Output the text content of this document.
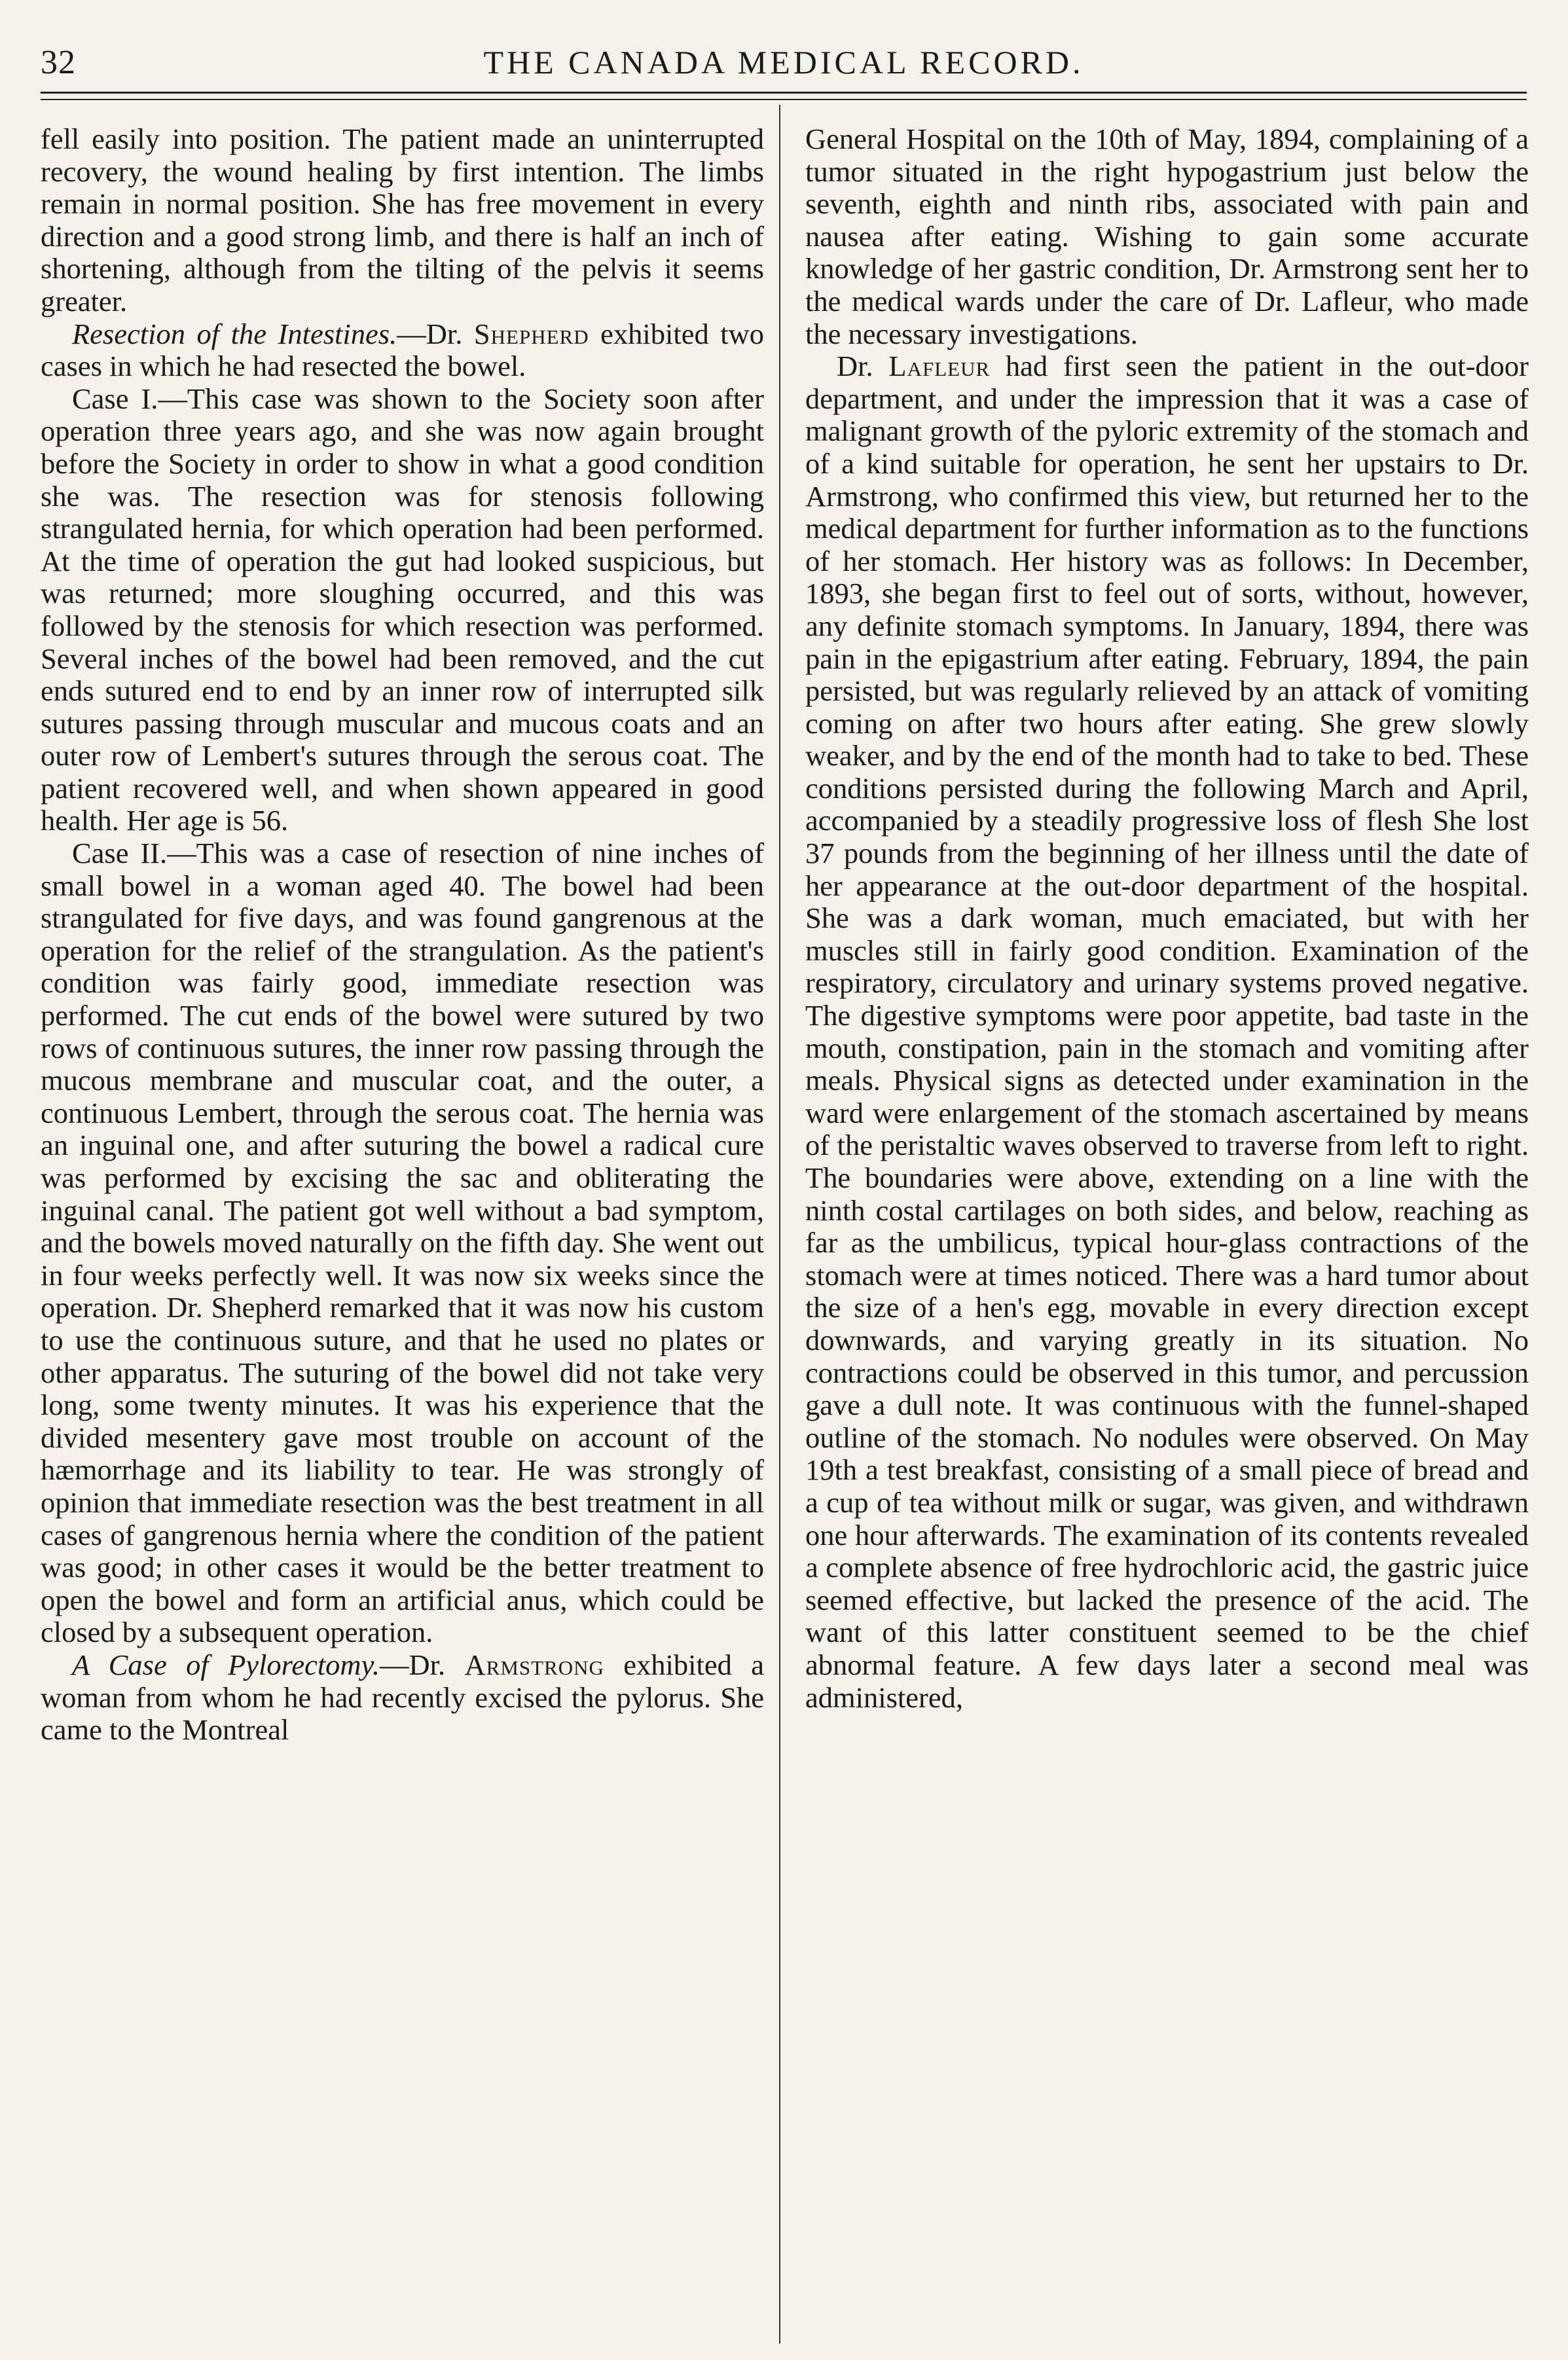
32	THE CANADA MEDICAL RECORD.

fell easily into position. The patient made an uninterrupted recovery, the wound healing by first intention. The limbs remain in normal position. She has free movement in every direction and a good strong limb, and there is half an inch of shortening, although from the tilting of the pelvis it seems greater.

Resection of the Intestines.—Dr. Shepherd exhibited two cases in which he had resected the bowel.

Case I.—This case was shown to the Society soon after operation three years ago, and she was now again brought before the Society in order to show in what a good condition she was. The resection was for stenosis following strangulated hernia, for which operation had been performed. At the time of operation the gut had looked suspicious, but was returned; more sloughing occurred, and this was followed by the stenosis for which resection was performed. Several inches of the bowel had been removed, and the cut ends sutured end to end by an inner row of interrupted silk sutures passing through muscular and mucous coats and an outer row of Lembert's sutures through the serous coat. The patient recovered well, and when shown appeared in good health. Her age is 56.

Case II.—This was a case of resection of nine inches of small bowel in a woman aged 40. The bowel had been strangulated for five days, and was found gangrenous at the operation for the relief of the strangulation. As the patient's condition was fairly good, immediate resection was performed. The cut ends of the bowel were sutured by two rows of continuous sutures, the inner row passing through the mucous membrane and muscular coat, and the outer, a continuous Lembert, through the serous coat. The hernia was an inguinal one, and after suturing the bowel a radical cure was performed by excising the sac and obliterating the inguinal canal. The patient got well without a bad symptom, and the bowels moved naturally on the fifth day. She went out in four weeks perfectly well. It was now six weeks since the operation. Dr. Shepherd remarked that it was now his custom to use the continuous suture, and that he used no plates or other apparatus. The suturing of the bowel did not take very long, some twenty minutes. It was his experience that the divided mesentery gave most trouble on account of the hæmorrhage and its liability to tear. He was strongly of opinion that immediate resection was the best treatment in all cases of gangrenous hernia where the condition of the patient was good; in other cases it would be the better treatment to open the bowel and form an artificial anus, which could be closed by a subsequent operation.

A Case of Pylorectomy.—Dr. Armstrong exhibited a woman from whom he had recently excised the pylorus. She came to the Montreal

General Hospital on the 10th of May, 1894, complaining of a tumor situated in the right hypogastrium just below the seventh, eighth and ninth ribs, associated with pain and nausea after eating. Wishing to gain some accurate knowledge of her gastric condition, Dr. Armstrong sent her to the medical wards under the care of Dr. Lafleur, who made the necessary investigations.

Dr. Lafleur had first seen the patient in the out-door department, and under the impression that it was a case of malignant growth of the pyloric extremity of the stomach and of a kind suitable for operation, he sent her upstairs to Dr. Armstrong, who confirmed this view, but returned her to the medical department for further information as to the functions of her stomach. Her history was as follows: In December, 1893, she began first to feel out of sorts, without, however, any definite stomach symptoms. In January, 1894, there was pain in the epigastrium after eating. February, 1894, the pain persisted, but was regularly relieved by an attack of vomiting coming on after two hours after eating. She grew slowly weaker, and by the end of the month had to take to bed. These conditions persisted during the following March and April, accompanied by a steadily progressive loss of flesh She lost 37 pounds from the beginning of her illness until the date of her appearance at the out-door department of the hospital. She was a dark woman, much emaciated, but with her muscles still in fairly good condition. Examination of the respiratory, circulatory and urinary systems proved negative. The digestive symptoms were poor appetite, bad taste in the mouth, constipation, pain in the stomach and vomiting after meals. Physical signs as detected under examination in the ward were enlargement of the stomach ascertained by means of the peristaltic waves observed to traverse from left to right. The boundaries were above, extending on a line with the ninth costal cartilages on both sides, and below, reaching as far as the umbilicus, typical hour-glass contractions of the stomach were at times noticed. There was a hard tumor about the size of a hen's egg, movable in every direction except downwards, and varying greatly in its situation. No contractions could be observed in this tumor, and percussion gave a dull note. It was continuous with the funnel-shaped outline of the stomach. No nodules were observed. On May 19th a test breakfast, consisting of a small piece of bread and a cup of tea without milk or sugar, was given, and withdrawn one hour afterwards. The examination of its contents revealed a complete absence of free hydrochloric acid, the gastric juice seemed effective, but lacked the presence of the acid. The want of this latter constituent seemed to be the chief abnormal feature. A few days later a second meal was administered,
